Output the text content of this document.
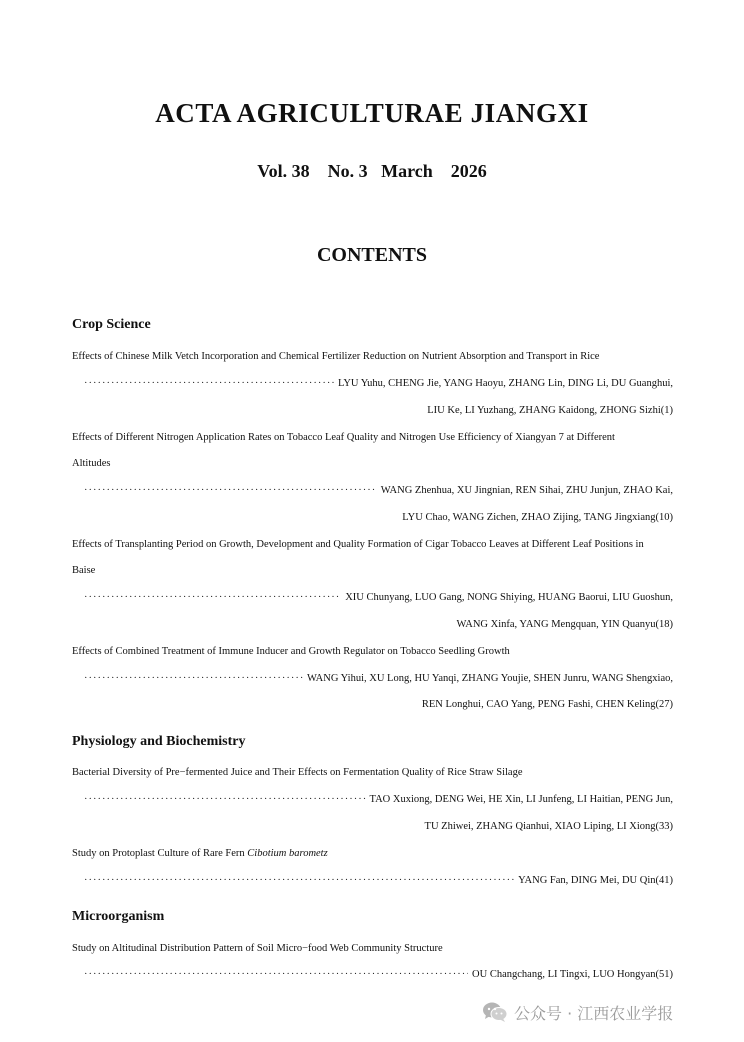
ACTA AGRICULTURAE JIANGXI
Vol. 38    No. 3   March    2026
CONTENTS
Crop Science
Effects of Chinese Milk Vetch Incorporation and Chemical Fertilizer Reduction on Nutrient Absorption and Transport in Rice
·····
LYU Yuhu, CHENG Jie, YANG Haoyu, ZHANG Lin, DING Li, DU Guanghui,
LIU Ke, LI Yuzhang, ZHANG Kaidong, ZHONG Sizhi(1)
Effects of Different Nitrogen Application Rates on Tobacco Leaf Quality and Nitrogen Use Efficiency of Xiangyan 7 at Different
Altitudes
·····
WANG Zhenhua, XU Jingnian, REN Sihai, ZHU Junjun, ZHAO Kai,
LYU Chao, WANG Zichen, ZHAO Zijing, TANG Jingxiang(10)
Effects of Transplanting Period on Growth, Development and Quality Formation of Cigar Tobacco Leaves at Different Leaf Positions in
Baise
·····
XIU Chunyang, LUO Gang, NONG Shiying, HUANG Baorui, LIU Guoshun,
WANG Xinfa, YANG Mengquan, YIN Quanyu(18)
Effects of Combined Treatment of Immune Inducer and Growth Regulator on Tobacco Seedling Growth
·····
WANG Yihui, XU Long, HU Yanqi, ZHANG Youjie, SHEN Junru, WANG Shengxiao,
REN Longhui, CAO Yang, PENG Fashi, CHEN Keling(27)
Physiology and Biochemistry
Bacterial Diversity of Pre−fermented Juice and Their Effects on Fermentation Quality of Rice Straw Silage
·····
TAO Xuxiong, DENG Wei, HE Xin, LI Junfeng, LI Haitian, PENG Jun,
TU Zhiwei, ZHANG Qianhui, XIAO Liping, LI Xiong(33)
Study on Protoplast Culture of Rare Fern Cibotium barometz
·····
YANG Fan, DING Mei, DU Qin(41)
Microorganism
Study on Altitudinal Distribution Pattern of Soil Micro−food Web Community Structure
·····
OU Changchang, LI Tingxi, LUO Hongyan(51)
公众号 · 江西农业学报
